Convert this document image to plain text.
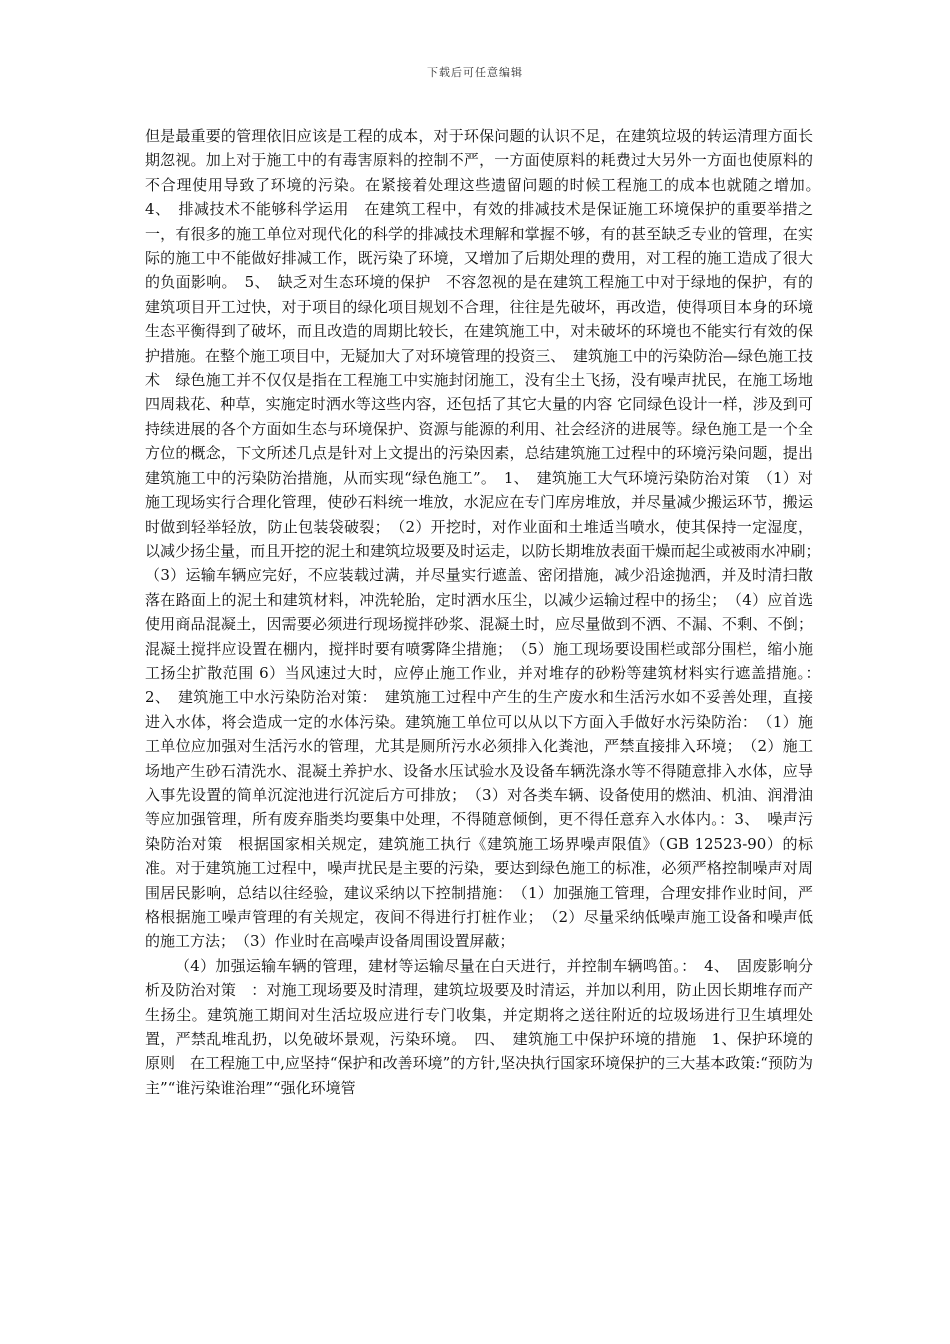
下载后可任意编辑

但是最重要的管理依旧应该是工程的成本，对于环保问题的认识不足，在建筑垃圾的转运清理方面长期忽视。加上对于施工中的有毒害原料的控制不严，一方面使原料的耗费过大另外一方面也使原料的不合理使用导致了环境的污染。在紧接着处理这些遗留问题的时候工程施工的成本也就随之增加。　4、　排减技术不能够科学运用　在建筑工程中，有效的排减技术是保证施工环境保护的重要举措之一，有很多的施工单位对现代化的科学的排减技术理解和掌握不够，有的甚至缺乏专业的管理，在实际的施工中不能做好排减工作，既污染了环境，又增加了后期处理的费用，对工程的施工造成了很大的负面影响。　5、　缺乏对生态环境的保护　不容忽视的是在建筑工程施工中对于绿地的保护，有的建筑项目开工过快，对于项目的绿化项目规划不合理，往往是先破坏，再改造，使得项目本身的环境生态平衡得到了破坏，而且改造的周期比较长，在建筑施工中，对未破坏的环境也不能实行有效的保护措施。在整个施工项目中，无疑加大了对环境管理的投资三、　建筑施工中的污染防治—绿色施工技术　绿色施工并不仅仅是指在工程施工中实施封闭施工，没有尘土飞扬，没有噪声扰民，在施工场地四周栽花、种草，实施定时洒水等这些内容，还包括了其它大量的内容 它同绿色设计一样，涉及到可持续进展的各个方面如生态与环境保护、资源与能源的利用、社会经济的进展等。绿色施工是一个全方位的概念，下文所述几点是针对上文提出的污染因素，总结建筑施工过程中的环境污染问题，提出建筑施工中的污染防治措施，从而实现“绿色施工”。　1、　建筑施工大气环境污染防治对策　（1）对施工现场实行合理化管理，使砂石料统一堆放，水泥应在专门库房堆放，并尽量减少搬运环节，搬运时做到轻举轻放，防止包装袋破裂；　（2）开挖时，对作业面和土堆适当喷水，使其保持一定湿度，以减少扬尘量，而且开挖的泥土和建筑垃圾要及时运走，以防长期堆放表面干燥而起尘或被雨水冲刷；　（3）运输车辆应完好，不应装载过满，并尽量实行遮盖、密闭措施，减少沿途抛洒，并及时清扫散落在路面上的泥土和建筑材料，冲洗轮胎，定时洒水压尘，以减少运输过程中的扬尘；　（4）应首选使用商品混凝土，因需要必须进行现场搅拌砂浆、混凝土时，应尽量做到不洒、不漏、不剩、不倒；混凝土搅拌应设置在棚内，搅拌时要有喷雾降尘措施；　（5）施工现场要设围栏或部分围栏，缩小施工扬尘扩散范围 6）当风速过大时，应停止施工作业，并对堆存的砂粉等建筑材料实行遮盖措施。：　2、　建筑施工中水污染防治对策：　建筑施工过程中产生的生产废水和生活污水如不妥善处理，直接进入水体，将会造成一定的水体污染。建筑施工单位可以从以下方面入手做好水污染防治：　（1）施工单位应加强对生活污水的管理，尤其是厕所污水必须排入化粪池，严禁直接排入环境；　（2）施工场地产生砂石清洗水、混凝土养护水、设备水压试验水及设备车辆洗涤水等不得随意排入水体，应导入事先设置的简单沉淀池进行沉淀后方可排放；　（3）对各类车辆、设备使用的燃油、机油、润滑油等应加强管理，所有废弃脂类均要集中处理，不得随意倾倒，更不得任意弃入水体内。：3、　噪声污染防治对策　根据国家相关规定，建筑施工执行《建筑施工场界噪声限值》（GB 12523-90）的标准。对于建筑施工过程中，噪声扰民是主要的污染，要达到绿色施工的标准，必须严格控制噪声对周围居民影响，总结以往经验，建议采纳以下控制措施：　（1）加强施工管理，合理安排作业时间，严格根据施工噪声管理的有关规定，夜间不得进行打桩作业；　（2）尽量采纳低噪声施工设备和噪声低的施工方法；　（3）作业时在高噪声设备周围设置屏蔽；

（4）加强运输车辆的管理，建材等运输尽量在白天进行，并控制车辆鸣笛。：　4、　固废影响分析及防治对策　：对施工现场要及时清理，建筑垃圾要及时清运，并加以利用，防止因长期堆存而产生扬尘。建筑施工期间对生活垃圾应进行专门收集，并定期将之送往附近的垃圾场进行卫生填埋处置，严禁乱堆乱扔，以免破坏景观，污染环境。　四、　建筑施工中保护环境的措施　1、保护环境的原则　在工程施工中,应坚持“保护和改善环境”的方针,坚决执行国家环境保护的三大基本政策:“预防为主”“谁污染谁治理”“强化环境管
